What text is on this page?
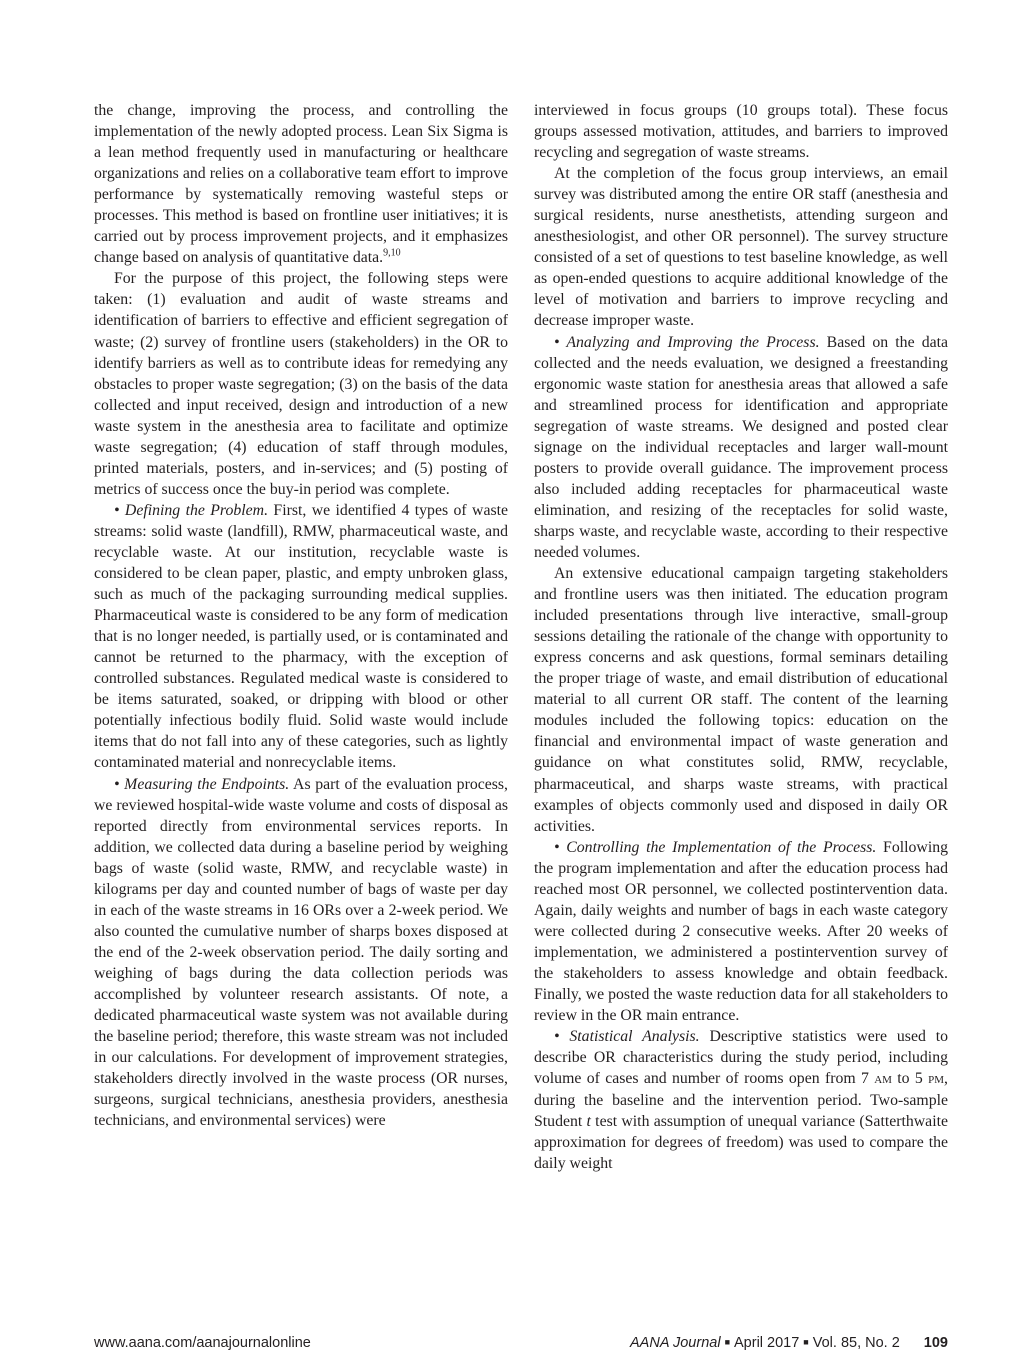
the change, improving the process, and controlling the implementation of the newly adopted process. Lean Six Sigma is a lean method frequently used in manufacturing or healthcare organizations and relies on a collaborative team effort to improve performance by systematically removing wasteful steps or processes. This method is based on frontline user initiatives; it is carried out by process improvement projects, and it emphasizes change based on analysis of quantitative data.$^{9,10}$

For the purpose of this project, the following steps were taken: (1) evaluation and audit of waste streams and identification of barriers to effective and efficient segregation of waste; (2) survey of frontline users (stakeholders) in the OR to identify barriers as well as to contribute ideas for remedying any obstacles to proper waste segregation; (3) on the basis of the data collected and input received, design and introduction of a new waste system in the anesthesia area to facilitate and optimize waste segregation; (4) education of staff through modules, printed materials, posters, and in-services; and (5) posting of metrics of success once the buy-in period was complete.

• Defining the Problem. First, we identified 4 types of waste streams: solid waste (landfill), RMW, pharmaceutical waste, and recyclable waste. At our institution, recyclable waste is considered to be clean paper, plastic, and empty unbroken glass, such as much of the packaging surrounding medical supplies. Pharmaceutical waste is considered to be any form of medication that is no longer needed, is partially used, or is contaminated and cannot be returned to the pharmacy, with the exception of controlled substances. Regulated medical waste is considered to be items saturated, soaked, or dripping with blood or other potentially infectious bodily fluid. Solid waste would include items that do not fall into any of these categories, such as lightly contaminated material and nonrecyclable items.

• Measuring the Endpoints. As part of the evaluation process, we reviewed hospital-wide waste volume and costs of disposal as reported directly from environmental services reports. In addition, we collected data during a baseline period by weighing bags of waste (solid waste, RMW, and recyclable waste) in kilograms per day and counted number of bags of waste per day in each of the waste streams in 16 ORs over a 2-week period. We also counted the cumulative number of sharps boxes disposed at the end of the 2-week observation period. The daily sorting and weighing of bags during the data collection periods was accomplished by volunteer research assistants. Of note, a dedicated pharmaceutical waste system was not available during the baseline period; therefore, this waste stream was not included in our calculations. For development of improvement strategies, stakeholders directly involved in the waste process (OR nurses, surgeons, surgical technicians, anesthesia providers, anesthesia technicians, and environmental services) were

interviewed in focus groups (10 groups total). These focus groups assessed motivation, attitudes, and barriers to improved recycling and segregation of waste streams.

At the completion of the focus group interviews, an email survey was distributed among the entire OR staff (anesthesia and surgical residents, nurse anesthetists, attending surgeon and anesthesiologist, and other OR personnel). The survey structure consisted of a set of questions to test baseline knowledge, as well as open-ended questions to acquire additional knowledge of the level of motivation and barriers to improve recycling and decrease improper waste.

• Analyzing and Improving the Process. Based on the data collected and the needs evaluation, we designed a freestanding ergonomic waste station for anesthesia areas that allowed a safe and streamlined process for identification and appropriate segregation of waste streams. We designed and posted clear signage on the individual receptacles and larger wall-mount posters to provide overall guidance. The improvement process also included adding receptacles for pharmaceutical waste elimination, and resizing of the receptacles for solid waste, sharps waste, and recyclable waste, according to their respective needed volumes.

An extensive educational campaign targeting stakeholders and frontline users was then initiated. The education program included presentations through live interactive, small-group sessions detailing the rationale of the change with opportunity to express concerns and ask questions, formal seminars detailing the proper triage of waste, and email distribution of educational material to all current OR staff. The content of the learning modules included the following topics: education on the financial and environmental impact of waste generation and guidance on what constitutes solid, RMW, recyclable, pharmaceutical, and sharps waste streams, with practical examples of objects commonly used and disposed in daily OR activities.

• Controlling the Implementation of the Process. Following the program implementation and after the education process had reached most OR personnel, we collected postintervention data. Again, daily weights and number of bags in each waste category were collected during 2 consecutive weeks. After 20 weeks of implementation, we administered a postintervention survey of the stakeholders to assess knowledge and obtain feedback. Finally, we posted the waste reduction data for all stakeholders to review in the OR main entrance.

• Statistical Analysis. Descriptive statistics were used to describe OR characteristics during the study period, including volume of cases and number of rooms open from 7 am to 5 pm, during the baseline and the intervention period. Two-sample Student t test with assumption of unequal variance (Satterthwaite approximation for degrees of freedom) was used to compare the daily weight

www.aana.com/aanajournalonline	AANA Journal ■ April 2017 ■ Vol. 85, No. 2 109
